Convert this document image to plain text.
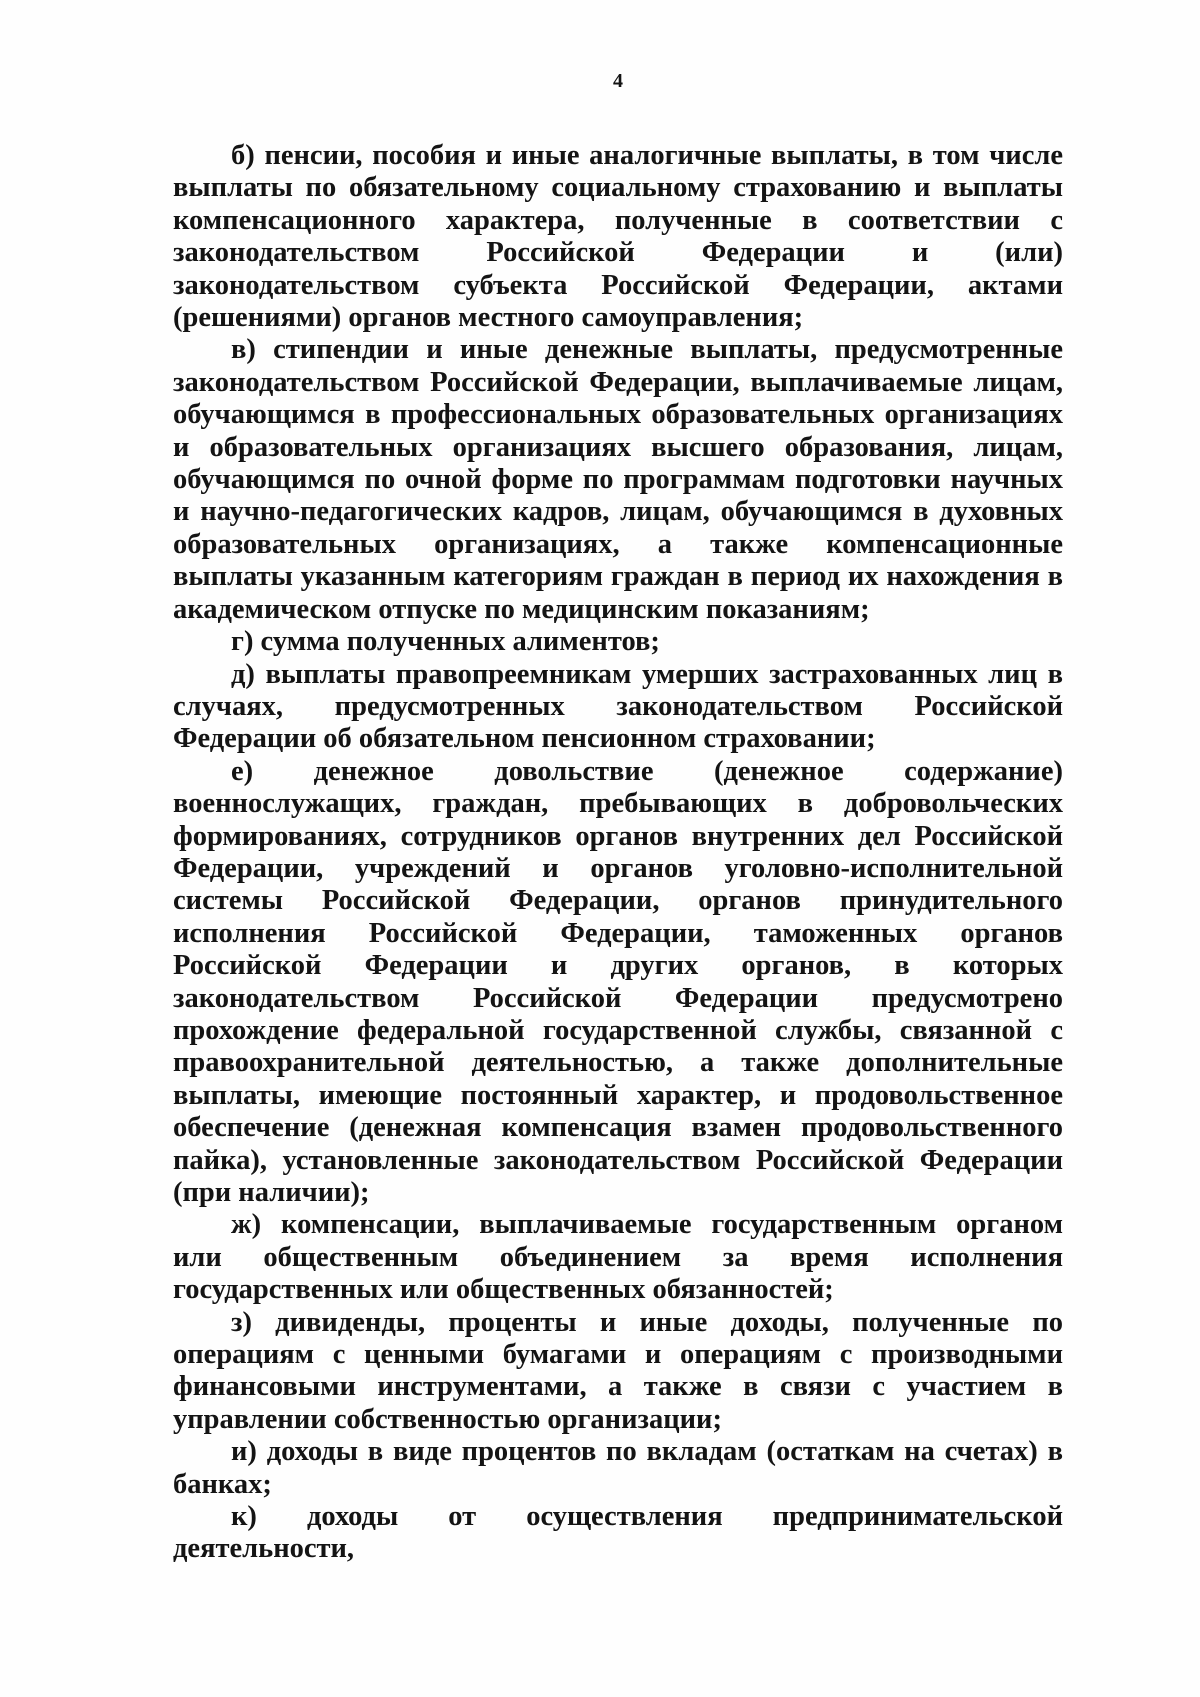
4

б) пенсии, пособия и иные аналогичные выплаты, в том числе выплаты по обязательному социальному страхованию и выплаты компенсационного характера, полученные в соответствии с законодательством Российской Федерации и (или) законодательством субъекта Российской Федерации, актами (решениями) органов местного самоуправления;

в) стипендии и иные денежные выплаты, предусмотренные законодательством Российской Федерации, выплачиваемые лицам, обучающимся в профессиональных образовательных организациях и образовательных организациях высшего образования, лицам, обучающимся по очной форме по программам подготовки научных и научно-педагогических кадров, лицам, обучающимся в духовных образовательных организациях, а также компенсационные выплаты указанным категориям граждан в период их нахождения в академическом отпуске по медицинским показаниям;

г) сумма полученных алиментов;

д) выплаты правопреемникам умерших застрахованных лиц в случаях, предусмотренных законодательством Российской Федерации об обязательном пенсионном страховании;

е) денежное довольствие (денежное содержание) военнослужащих, граждан, пребывающих в добровольческих формированиях, сотрудников органов внутренних дел Российской Федерации, учреждений и органов уголовно-исполнительной системы Российской Федерации, органов принудительного исполнения Российской Федерации, таможенных органов Российской Федерации и других органов, в которых законодательством Российской Федерации предусмотрено прохождение федеральной государственной службы, связанной с правоохранительной деятельностью, а также дополнительные выплаты, имеющие постоянный характер, и продовольственное обеспечение (денежная компенсация взамен продовольственного пайка), установленные законодательством Российской Федерации (при наличии);

ж) компенсации, выплачиваемые государственным органом или общественным объединением за время исполнения государственных или общественных обязанностей;

з) дивиденды, проценты и иные доходы, полученные по операциям с ценными бумагами и операциям с производными финансовыми инструментами, а также в связи с участием в управлении собственностью организации;

и) доходы в виде процентов по вкладам (остаткам на счетах) в банках;

к) доходы от осуществления предпринимательской деятельности,
